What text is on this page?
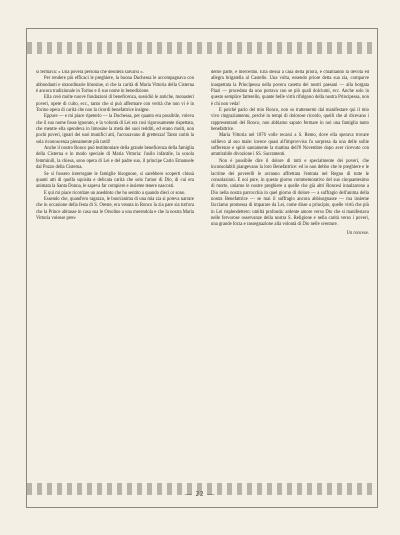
si fermava: « Una povera persona che desidera salvarsi ».

Per rendere più efficaci le preghiere, la buona Duchessa le accompagnava con abbondanti e straordinarie limosine, sì che la carità di Maria Vittoria della Cisterna è ancora tradizionale in Torino e il suo nome in benedizione.

Ella creò molte nuove fondazioni di beneficenza, sussidiò le antiche, monasteri poveri, opere di culto, ecc., tanto che si può affermare con verità che non vi è in Torino opera di carità che non la ricordi benefattrice insigne.

Eppure — e mi piace ripeterlo — la Duchessa, per quanto era possibile, voleva che il suo nome fosse ignorato, e la volontà di Lei era così rigorosamente rispettata, che mentre ella spendeva in limosine la metà dei suoi redditi, ed erano molti, non pochi poveri, ignari dei suoi munifici atti, l'accusavano di grettezza! Tanto caritò la sola riconoscenza pienamente più tardi!

Anche il nostro Ronco può testimoniare della grande beneficenza della famiglia della Cisterna e in modo speciale di Maria Vittoria: l'asilo infantile, la scuola femminili, la chiesa, sono opera di Lei e del padre suo, il principe Carlo Emanuele dal Pozzo della Cisterna.

Se si fossero interrogate le famiglie bisognose, si sarebbero scoperti chissà quanti atti di quella squisita e delicata carità che solo l'amor di Dio, di cui era animata la Santa Donna, le sapeva far compiere e insieme tenere nascosti.

E qui mi piace ricordare un aneddoto che ho sentito a quando dieci or sono.

Essendo che, quand'ero ragazzo, le buon'anima di una mia zia si poteva narrare che in occasione della festa di S. Oreste, era venuta in Ronco la zia pare sia tutt'ora che la Prince abitasse in casa sua le Orsoline a una merendola e che la nostra Maria Vittoria volesse pren-

derne parte, e mercedno. Ella stessa a casa della priora, e chiamando la devota ed allegra brigatella al Castello. Una volta, essendo priore detta sua zia, comparve inaspettata la Principessa nella povera casetta dei nostri paesani — alla borgata Piazi — procedata da uno portava con se più quali dolciumi, ecc. Anche solo in questo semplice fatterello, quante belle virtù rifulgono della nostra Principessa, non è chi non veda!

E poiché parlo del mio Ronco, non so trattenermi dal manifestare qui il mio vivo ringraziamento, perché in tempi di dolorose ricordo, quelli che al dicevano i rappresentanti del Ronco, non abbiamo saputo fermare in noi una famiglia tanto benefattrice.

Maria Vittoria nel 1876 volle recarsi a S. Remo, dove ella sperava trovare sollievo al suo male: invece quasi all'improvviso fu sorpresa da una delle solite sofferenze e spirò santamente la mattina dell'8 Novembre dopo aver ricevuto con ammirabile divozione i SS. Sacramenti.

Non è possibile dire il dolore di tutti e specialmente dei poveri, che inconsolabili piangevano la loro Benefattrice: ed io non debbo che le preghiere e le lacrime dei poverelli le avranno affrettata l'entrata nel Regno di tutte le consolazioni. E noi pure, in questo giorno commemorativo del suo cinquantesimo di morte, uniamo le nostre preghiere a quelle che già altri Roncesi innalzarono a Dio nella nostra parrocchia in quel giorno di dolore — a suffragio dell'anima della nostra Benefattrice — se mai il suffragio ancora abbisognasse — ma insieme facciamo promessa di imparare da Lei, come disse a principio, quelle virtù che più in Lei risplendettero: umiltà profonda: ardente amore verso Dio che si manifestava nelle fervorose osservanze della nostra S. Religione e nella carità verso i poveri, una grande forza e rassegnazione alla volontà di Dio nelle sventure.

Un roncese.
— 22 —
